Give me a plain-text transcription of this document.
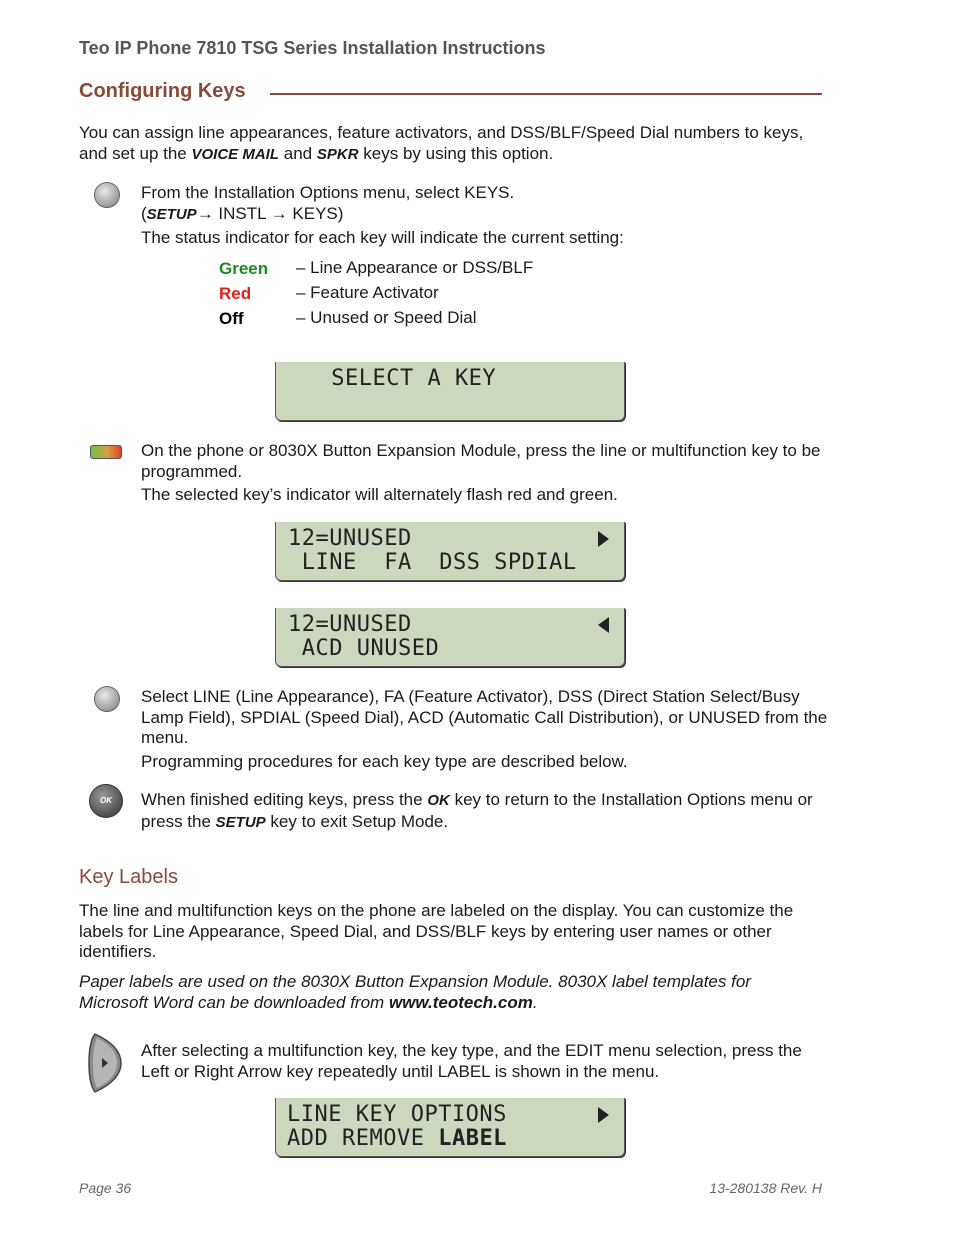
Teo IP Phone 7810 TSG Series Installation Instructions
Configuring Keys
You can assign line appearances, feature activators, and DSS/BLF/Speed Dial numbers to keys, and set up the VOICE MAIL and SPKR keys by using this option.
From the Installation Options menu, select KEYS.
(SETUP→ INSTL → KEYS)
The status indicator for each key will indicate the current setting:
Green – Line Appearance or DSS/BLF
Red	– Feature Activator
Off	– Unused or Speed Dial
SELECT A KEY
On the phone or 8030X Button Expansion Module, press the line or multifunction key to be programmed.
The selected key’s indicator will alternately flash red and green.
12=UNUSED
LINE  FA  DSS SPDIAL
12=UNUSED
ACD UNUSED
Select LINE (Line Appearance), FA (Feature Activator), DSS (Direct Station Select/Busy Lamp Field), SPDIAL (Speed Dial), ACD (Automatic Call Distribution), or UNUSED from the menu.
Programming procedures for each key type are described below.
OK	When finished editing keys, press the OK key to return to the Installation Options menu or press the SETUP key to exit Setup Mode.
Key Labels
The line and multifunction keys on the phone are labeled on the display. You can customize the labels for Line Appearance, Speed Dial, and DSS/BLF keys by entering user names or other identifiers.
Paper labels are used on the 8030X Button Expansion Module. 8030X label templates for Microsoft Word can be downloaded from www.teotech.com.
After selecting a multifunction key, the key type, and the EDIT menu selection, press the Left or Right Arrow key repeatedly until LABEL is shown in the menu.
LINE KEY OPTIONS
ADD REMOVE LABEL
Page 36	13-280138 Rev. H
